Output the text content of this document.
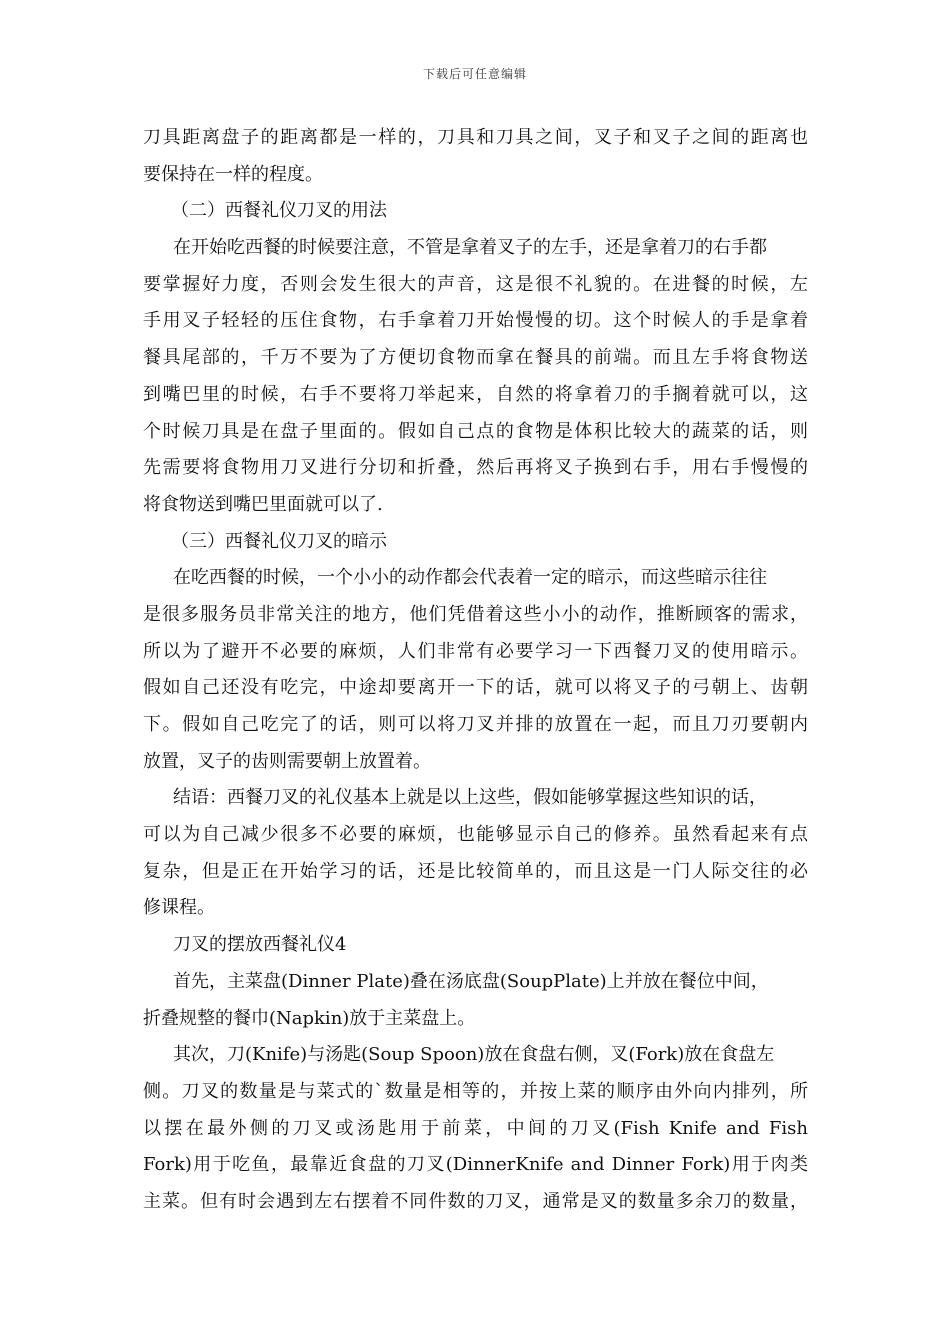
下载后可任意编辑
刀具距离盘子的距离都是一样的，刀具和刀具之间，叉子和叉子之间的距离也
要保持在一样的程度。
（二）西餐礼仪刀叉的用法
在开始吃西餐的时候要注意，不管是拿着叉子的左手，还是拿着刀的右手都
要掌握好力度，否则会发生很大的声音，这是很不礼貌的。在进餐的时候，左
手用叉子轻轻的压住食物，右手拿着刀开始慢慢的切。这个时候人的手是拿着
餐具尾部的，千万不要为了方便切食物而拿在餐具的前端。而且左手将食物送
到嘴巴里的时候，右手不要将刀举起来，自然的将拿着刀的手搁着就可以，这
个时候刀具是在盘子里面的。假如自己点的食物是体积比较大的蔬菜的话，则
先需要将食物用刀叉进行分切和折叠，然后再将叉子换到右手，用右手慢慢的
将食物送到嘴巴里面就可以了.
（三）西餐礼仪刀叉的暗示
在吃西餐的时候，一个小小的动作都会代表着一定的暗示，而这些暗示往往
是很多服务员非常关注的地方，他们凭借着这些小小的动作，推断顾客的需求，
所以为了避开不必要的麻烦，人们非常有必要学习一下西餐刀叉的使用暗示。
假如自己还没有吃完，中途却要离开一下的话，就可以将叉子的弓朝上、齿朝
下。假如自己吃完了的话，则可以将刀叉并排的放置在一起，而且刀刃要朝内
放置，叉子的齿则需要朝上放置着。
结语：西餐刀叉的礼仪基本上就是以上这些，假如能够掌握这些知识的话，
可以为自己减少很多不必要的麻烦，也能够显示自己的修养。虽然看起来有点
复杂，但是正在开始学习的话，还是比较简单的，而且这是一门人际交往的必
修课程。
刀叉的摆放西餐礼仪4
首先，主菜盘(Dinner Plate)叠在汤底盘(SoupPlate)上并放在餐位中间，
折叠规整的餐巾(Napkin)放于主菜盘上。
其次，刀(Knife)与汤匙(Soup Spoon)放在食盘右侧，叉(Fork)放在食盘左
侧。刀叉的数量是与菜式的`数量是相等的，并按上菜的顺序由外向内排列，所
以摆在最外侧的刀叉或汤匙用于前菜，中间的刀叉(Fish Knife and Fish
Fork)用于吃鱼，最靠近食盘的刀叉(DinnerKnife and Dinner Fork)用于肉类
主菜。但有时会遇到左右摆着不同件数的刀叉，通常是叉的数量多余刀的数量，
